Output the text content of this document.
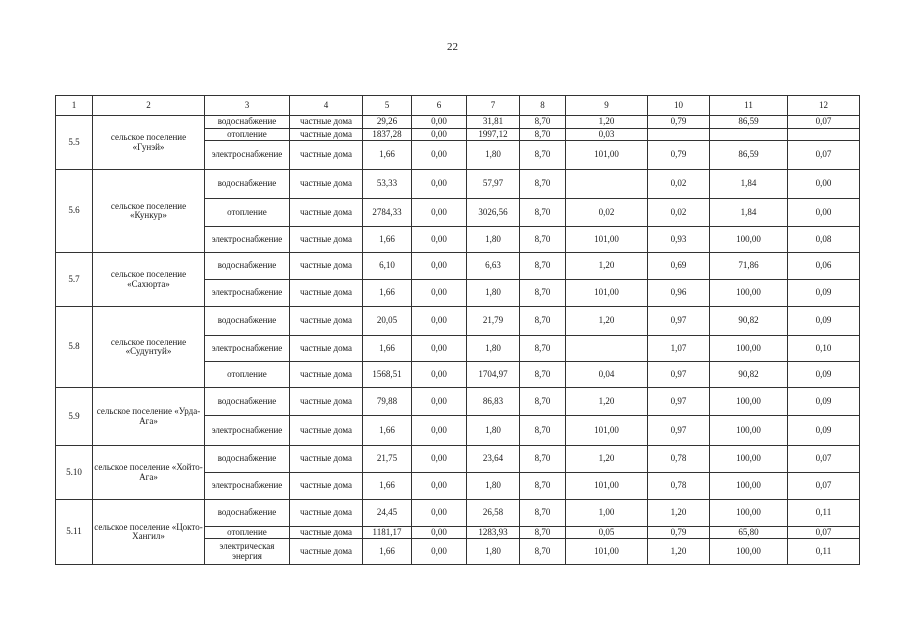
22
1	2	3	4	5	6	7	8	9	10	11	12
5.5	сельское поселение «Гунэй»	водоснабжение	частные дома	29,26	0,00	31,81	8,70	1,20	0,79	86,59	0,07
		отопление	частные дома	1837,28	0,00	1997,12	8,70	0,03			
		электроснабжение	частные дома	1,66	0,00	1,80	8,70	101,00	0,79	86,59	0,07
5.6	сельское поселение «Кункур»	водоснабжение	частные дома	53,33	0,00	57,97	8,70		0,02	1,84	0,00
		отопление	частные дома	2784,33	0,00	3026,56	8,70	0,02	0,02	1,84	0,00
		электроснабжение	частные дома	1,66	0,00	1,80	8,70	101,00	0,93	100,00	0,08
5.7	сельское поселение «Сахюрта»	водоснабжение	частные дома	6,10	0,00	6,63	8,70	1,20	0,69	71,86	0,06
		электроснабжение	частные дома	1,66	0,00	1,80	8,70	101,00	0,96	100,00	0,09
5.8	сельское поселение «Судунтуй»	водоснабжение	частные дома	20,05	0,00	21,79	8,70	1,20	0,97	90,82	0,09
		электроснабжение	частные дома	1,66	0,00	1,80	8,70		1,07	100,00	0,10
		отопление	частные дома	1568,51	0,00	1704,97	8,70	0,04	0,97	90,82	0,09
5.9	сельское поселение «Урда-Ага»	водоснабжение	частные дома	79,88	0,00	86,83	8,70	1,20	0,97	100,00	0,09
		электроснабжение	частные дома	1,66	0,00	1,80	8,70	101,00	0,97	100,00	0,09
5.10	сельское поселение «Хойто-Ага»	водоснабжение	частные дома	21,75	0,00	23,64	8,70	1,20	0,78	100,00	0,07
		электроснабжение	частные дома	1,66	0,00	1,80	8,70	101,00	0,78	100,00	0,07
5.11	сельское поселение «Цокто-Хангил»	водоснабжение	частные дома	24,45	0,00	26,58	8,70	1,00	1,20	100,00	0,11
		отопление	частные дома	1181,17	0,00	1283,93	8,70	0,05	0,79	65,80	0,07
		электрическая энергия	частные дома	1,66	0,00	1,80	8,70	101,00	1,20	100,00	0,11
